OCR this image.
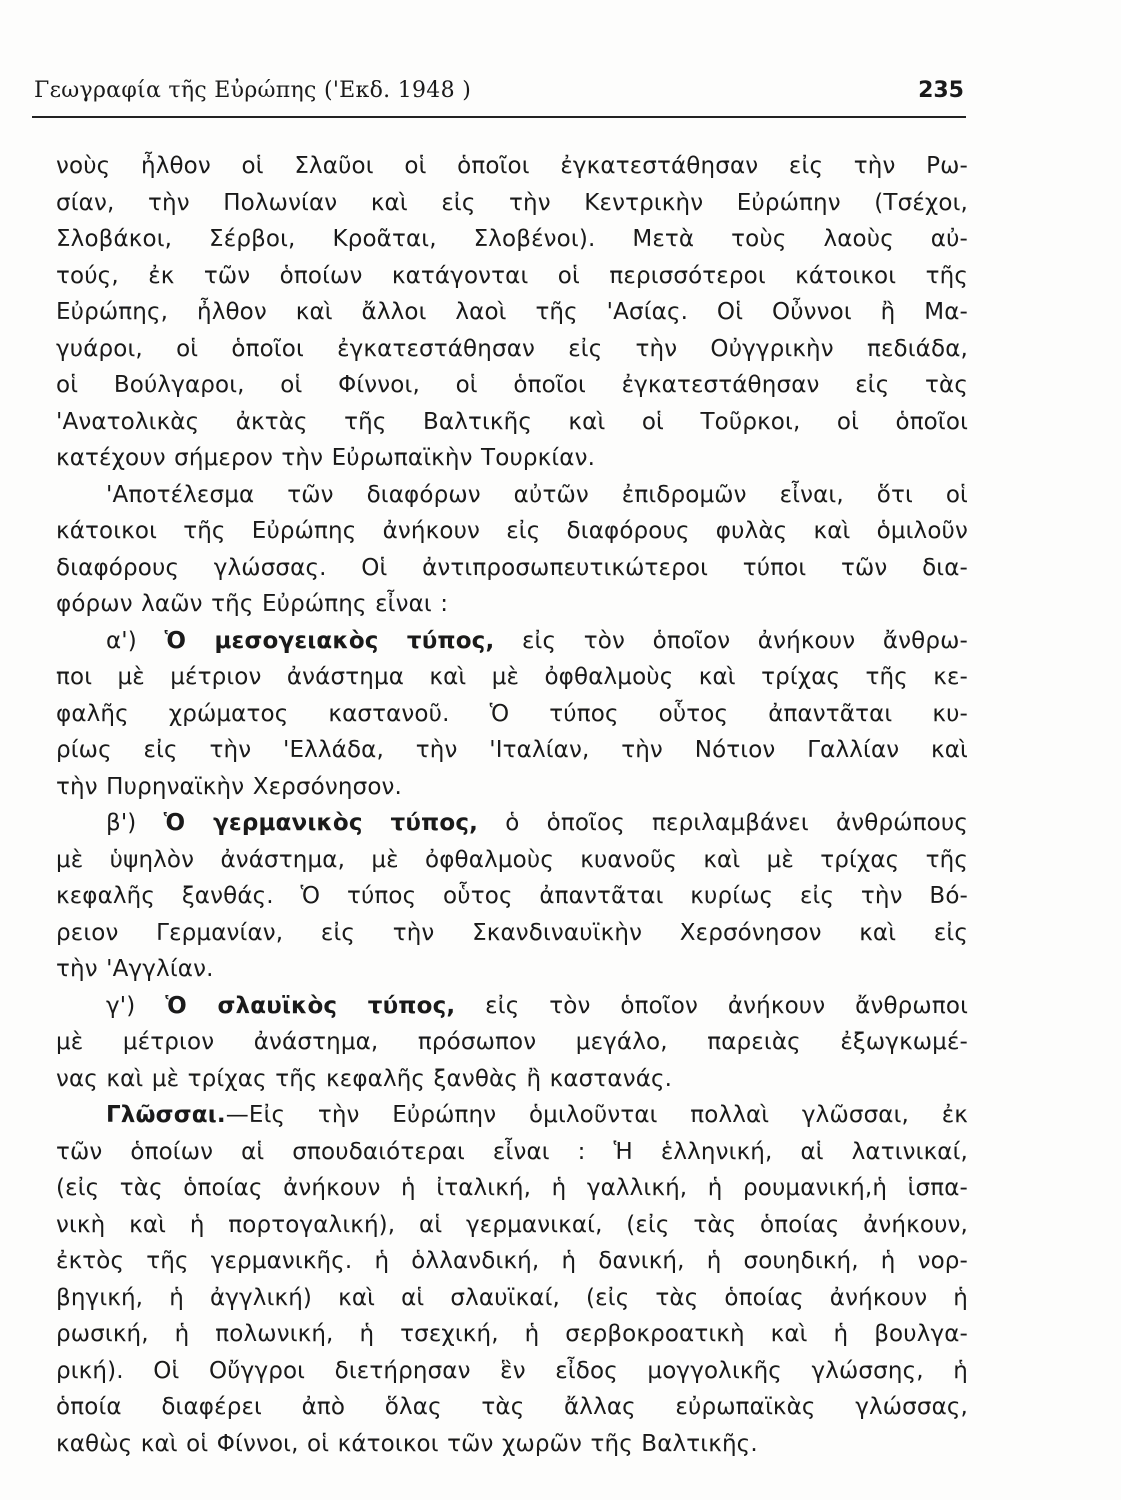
Γεωγραφία τῆς Εὐρώπης ('Εκδ. 1948 )	235
νοὺς ἦλθον οἱ Σλαῦοι οἱ ὁποῖοι ἐγκατεστάθησαν εἰς τὴν Ρω-
σίαν, τὴν Πολωνίαν καὶ εἰς τὴν Κεντρικὴν Εὐρώπην (Τσέχοι,
Σλοβάκοι, Σέρβοι, Κροᾶται, Σλοβένοι). Μετὰ τοὺς λαοὺς αὐ-
τούς, ἐκ τῶν ὁποίων κατάγονται οἱ περισσότεροι κάτοικοι τῆς
Εὐρώπης, ἦλθον καὶ ἄλλοι λαοὶ τῆς 'Ασίας. Οἱ Οὖννοι ἢ Μα-
γυάροι, οἱ ὁποῖοι ἐγκατεστάθησαν εἰς τὴν Οὐγγρικὴν πεδιάδα,
οἱ Βούλγαροι, οἱ Φίννοι, οἱ ὁποῖοι ἐγκατεστάθησαν εἰς τὰς
'Ανατολικὰς ἀκτὰς τῆς Βαλτικῆς καὶ οἱ Τοῦρκοι, οἱ ὁποῖοι
κατέχουν σήμερον τὴν Εὐρωπαϊκὴν Τουρκίαν.
'Αποτέλεσμα τῶν διαφόρων αὐτῶν ἐπιδρομῶν εἶναι, ὅτι οἱ
κάτοικοι τῆς Εὐρώπης ἀνήκουν εἰς διαφόρους φυλὰς καὶ ὁμιλοῦν
διαφόρους γλώσσας. Οἱ ἀντιπροσωπευτικώτεροι τύποι τῶν δια-
φόρων λαῶν τῆς Εὐρώπης εἶναι :
α') Ὁ μεσογειακὸς τύπος, εἰς τὸν ὁποῖον ἀνήκουν ἄνθρω-
ποι μὲ μέτριον ἀνάστημα καὶ μὲ ὀφθαλμοὺς καὶ τρίχας τῆς κε-
φαλῆς χρώματος καστανοῦ. Ὁ τύπος οὗτος ἀπαντᾶται κυ-
ρίως εἰς τὴν 'Ελλάδα, τὴν 'Ιταλίαν, τὴν Νότιον Γαλλίαν καὶ
τὴν Πυρηναϊκὴν Χερσόνησον.
β') Ὁ γερμανικὸς τύπος, ὁ ὁποῖος περιλαμβάνει ἀνθρώπους
μὲ ὑψηλὸν ἀνάστημα, μὲ ὀφθαλμοὺς κυανοῦς καὶ μὲ τρίχας τῆς
κεφαλῆς ξανθάς. Ὁ τύπος οὗτος ἀπαντᾶται κυρίως εἰς τὴν Βό-
ρειον Γερμανίαν, εἰς τὴν Σκανδιναυϊκὴν Χερσόνησον καὶ εἰς
τὴν 'Αγγλίαν.
γ') Ὁ σλαυϊκὸς τύπος, εἰς τὸν ὁποῖον ἀνήκουν ἄνθρωποι
μὲ μέτριον ἀνάστημα, πρόσωπον μεγάλο, παρειὰς ἐξωγκωμέ-
νας καὶ μὲ τρίχας τῆς κεφαλῆς ξανθὰς ἢ καστανάς.
Γλῶσσαι.—Εἰς τὴν Εὐρώπην ὁμιλοῦνται πολλαὶ γλῶσσαι, ἐκ
τῶν ὁποίων αἱ σπουδαιότεραι εἶναι : Ἡ ἑλληνική, αἱ λατινικαί,
(εἰς τὰς ὁποίας ἀνήκουν ἡ ἰταλική, ἡ γαλλική, ἡ ρουμανική,ἡ ἱσπα-
νικὴ καὶ ἡ πορτογαλική), αἱ γερμανικαί, (εἰς τὰς ὁποίας ἀνήκουν,
ἐκτὸς τῆς γερμανικῆς. ἡ ὁλλανδική, ἡ δανική, ἡ σουηδική, ἡ νορ-
βηγική, ἡ ἀγγλική) καὶ αἱ σλαυϊκαί, (εἰς τὰς ὁποίας ἀνήκουν ἡ
ρωσική, ἡ πολωνική, ἡ τσεχική, ἡ σερβοκροατικὴ καὶ ἡ βουλγα-
ρική). Οἱ Οὔγγροι διετήρησαν ἓν εἶδος μογγολικῆς γλώσσης, ἡ
ὁποία διαφέρει ἀπὸ ὅλας τὰς ἄλλας εὐρωπαϊκὰς γλώσσας,
καθὼς καὶ οἱ Φίννοι, οἱ κάτοικοι τῶν χωρῶν τῆς Βαλτικῆς.
